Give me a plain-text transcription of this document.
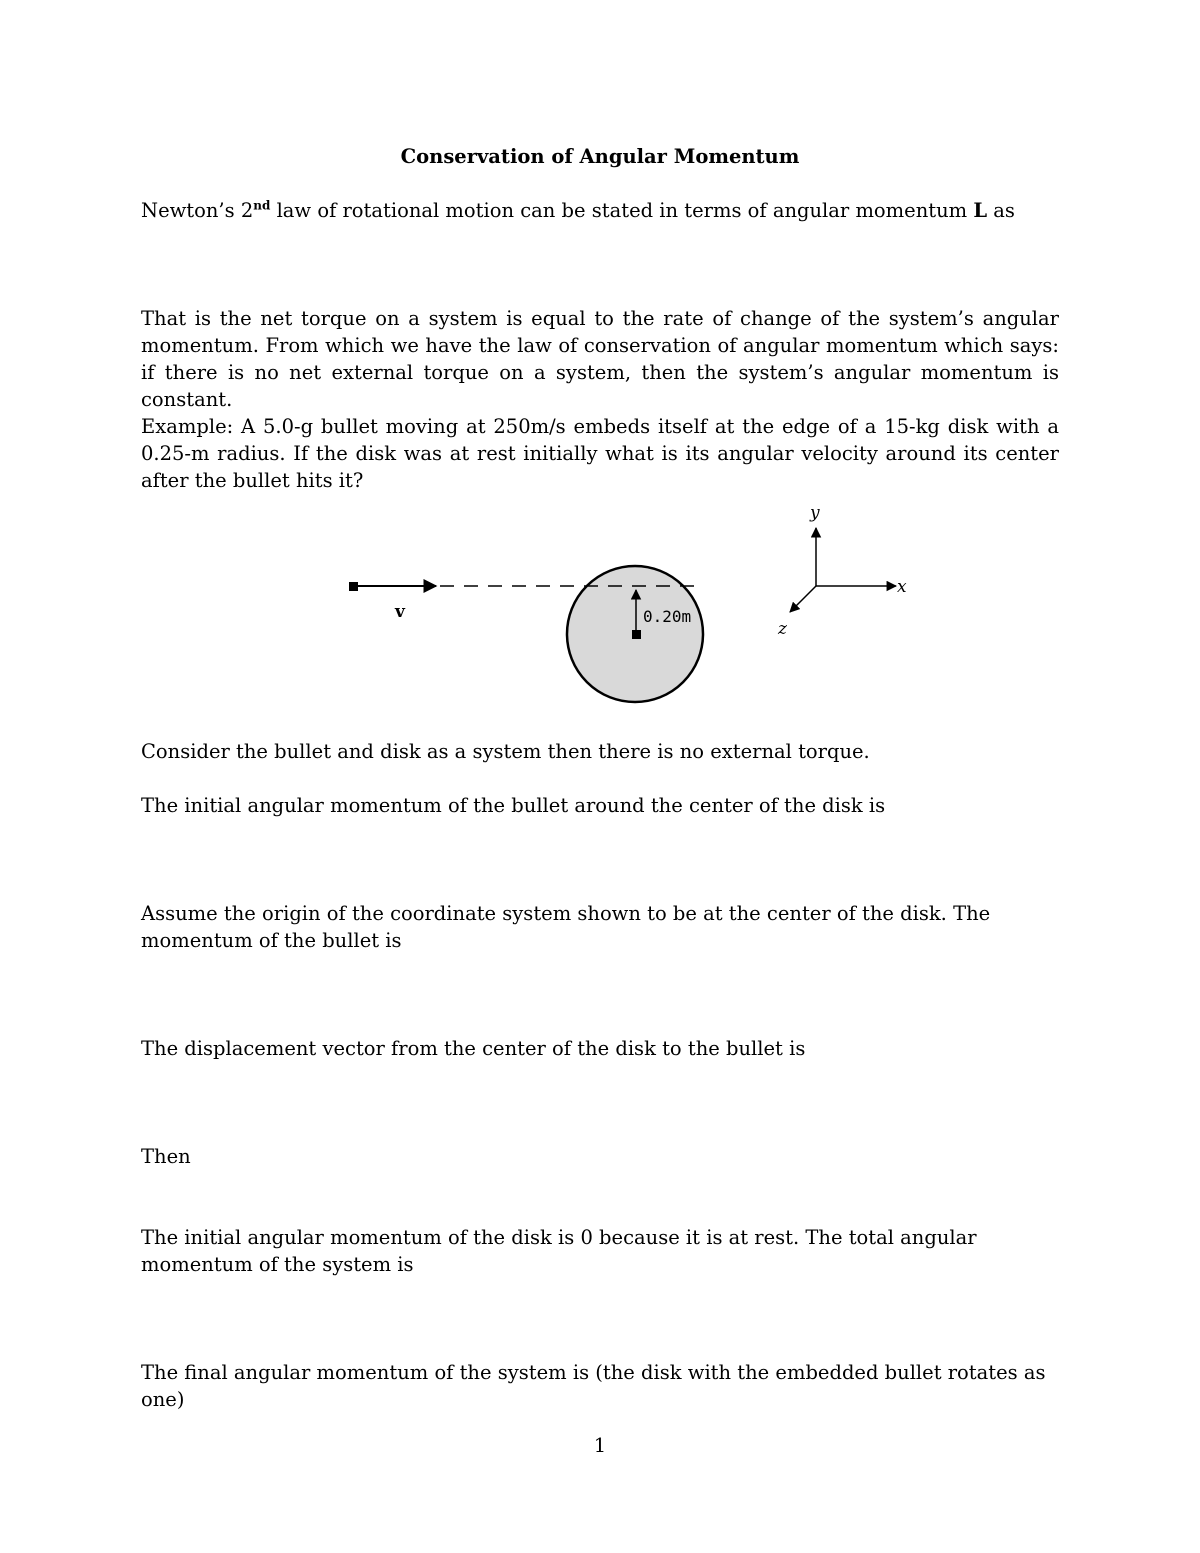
Conservation of Angular Momentum

Newton’s 2nd law of rotational motion can be stated in terms of angular momentum L as

That is the net torque on a system is equal to the rate of change of the system’s angular momentum. From which we have the law of conservation of angular momentum which says: if there is no net external torque on a system, then the system’s angular momentum is constant.

Example: A 5.0-g bullet moving at 250m/s embeds itself at the edge of a 15-kg disk with a 0.25-m radius. If the disk was at rest initially what is its angular velocity around its center after the bullet hits it?

v	0.20m
y
x
z

Consider the bullet and disk as a system then there is no external torque.

The initial angular momentum of the bullet around the center of the disk is

Assume the origin of the coordinate system shown to be at the center of the disk. The momentum of the bullet is

The displacement vector from the center of the disk to the bullet is

Then

The initial angular momentum of the disk is 0 because it is at rest. The total angular momentum of the system is

The final angular momentum of the system is (the disk with the embedded bullet rotates as one)

1
